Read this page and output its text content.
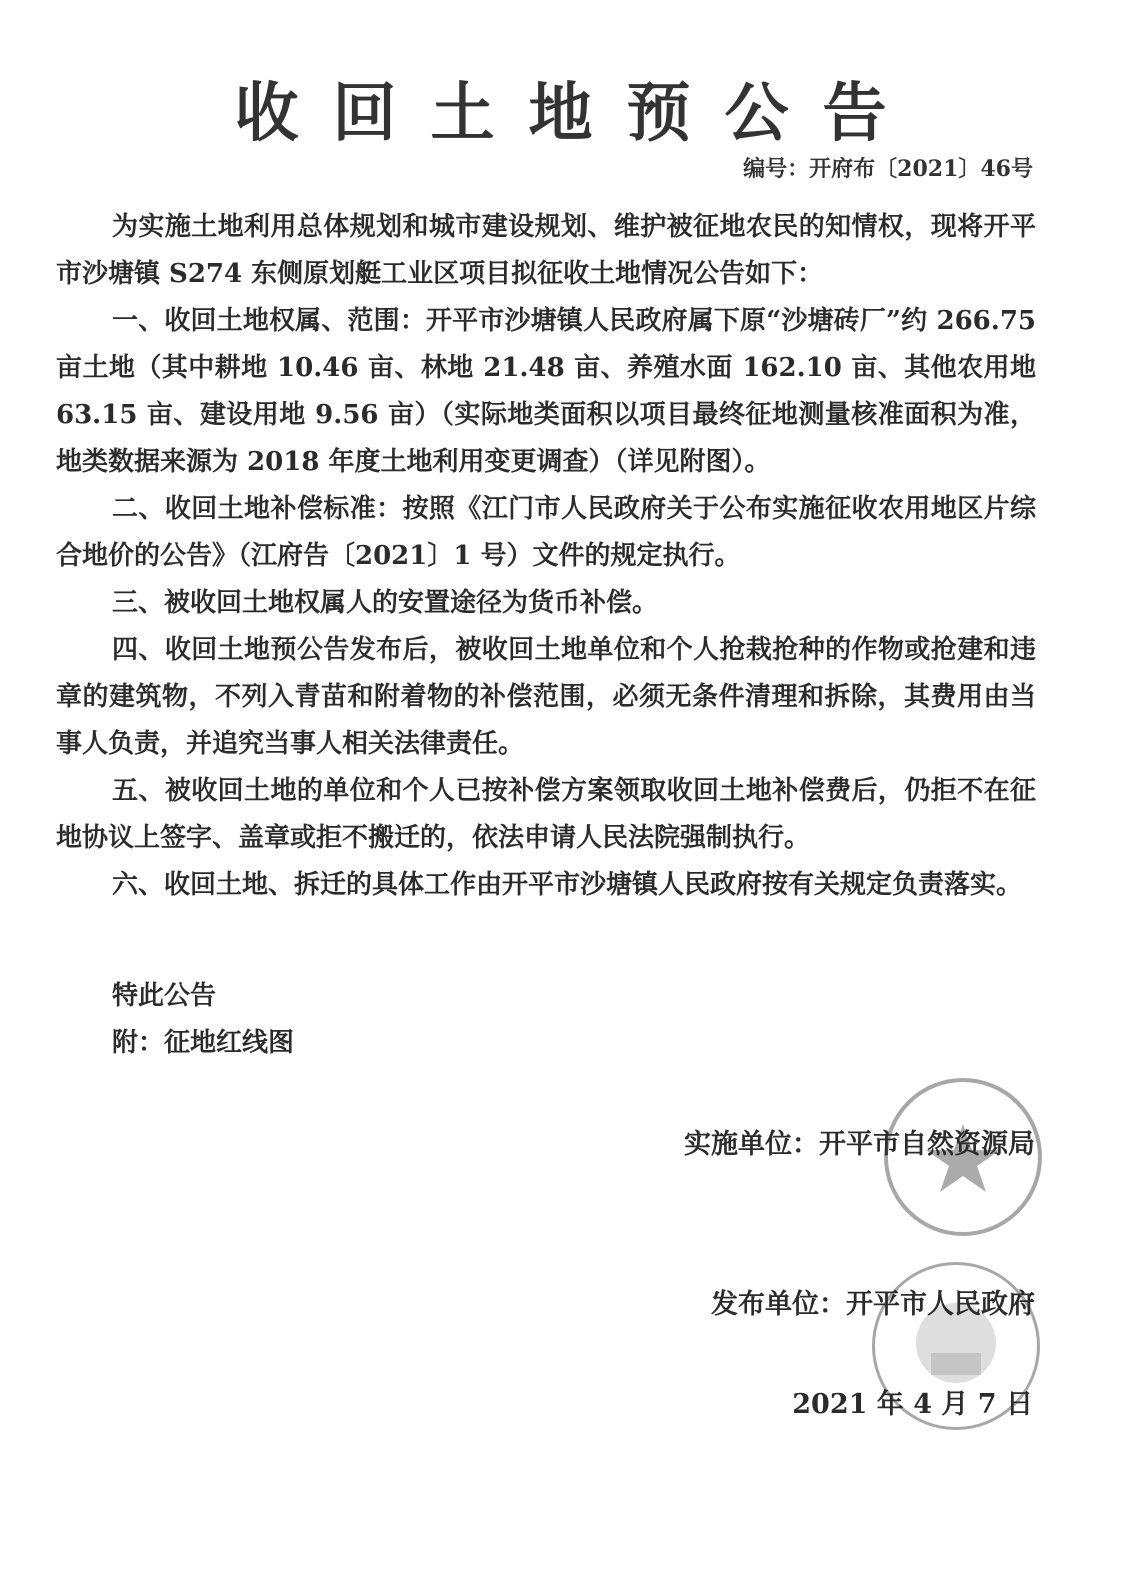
收回土地预公告
编号：开府布〔2021〕46号

为实施土地利用总体规划和城市建设规划、维护被征地农民的知情权，现将开平市沙塘镇 S274 东侧原划艇工业区项目拟征收土地情况公告如下：

一、收回土地权属、范围：开平市沙塘镇人民政府属下原“沙塘砖厂”约 266.75 亩土地（其中耕地 10.46 亩、林地 21.48 亩、养殖水面 162.10 亩、其他农用地 63.15 亩、建设用地 9.56 亩）（实际地类面积以项目最终征地测量核准面积为准，地类数据来源为 2018 年度土地利用变更调查）（详见附图）。

二、收回土地补偿标准：按照《江门市人民政府关于公布实施征收农用地区片综合地价的公告》（江府告〔2021〕1 号）文件的规定执行。

三、被收回土地权属人的安置途径为货币补偿。

四、收回土地预公告发布后，被收回土地单位和个人抢栽抢种的作物或抢建和违章的建筑物，不列入青苗和附着物的补偿范围，必须无条件清理和拆除，其费用由当事人负责，并追究当事人相关法律责任。

五、被收回土地的单位和个人已按补偿方案领取收回土地补偿费后，仍拒不在征地协议上签字、盖章或拒不搬迁的，依法申请人民法院强制执行。

六、收回土地、拆迁的具体工作由开平市沙塘镇人民政府按有关规定负责落实。

特此公告
附：征地红线图
实施单位：开平市自然资源局
发布单位：开平市人民政府
2021 年 4 月 7 日
